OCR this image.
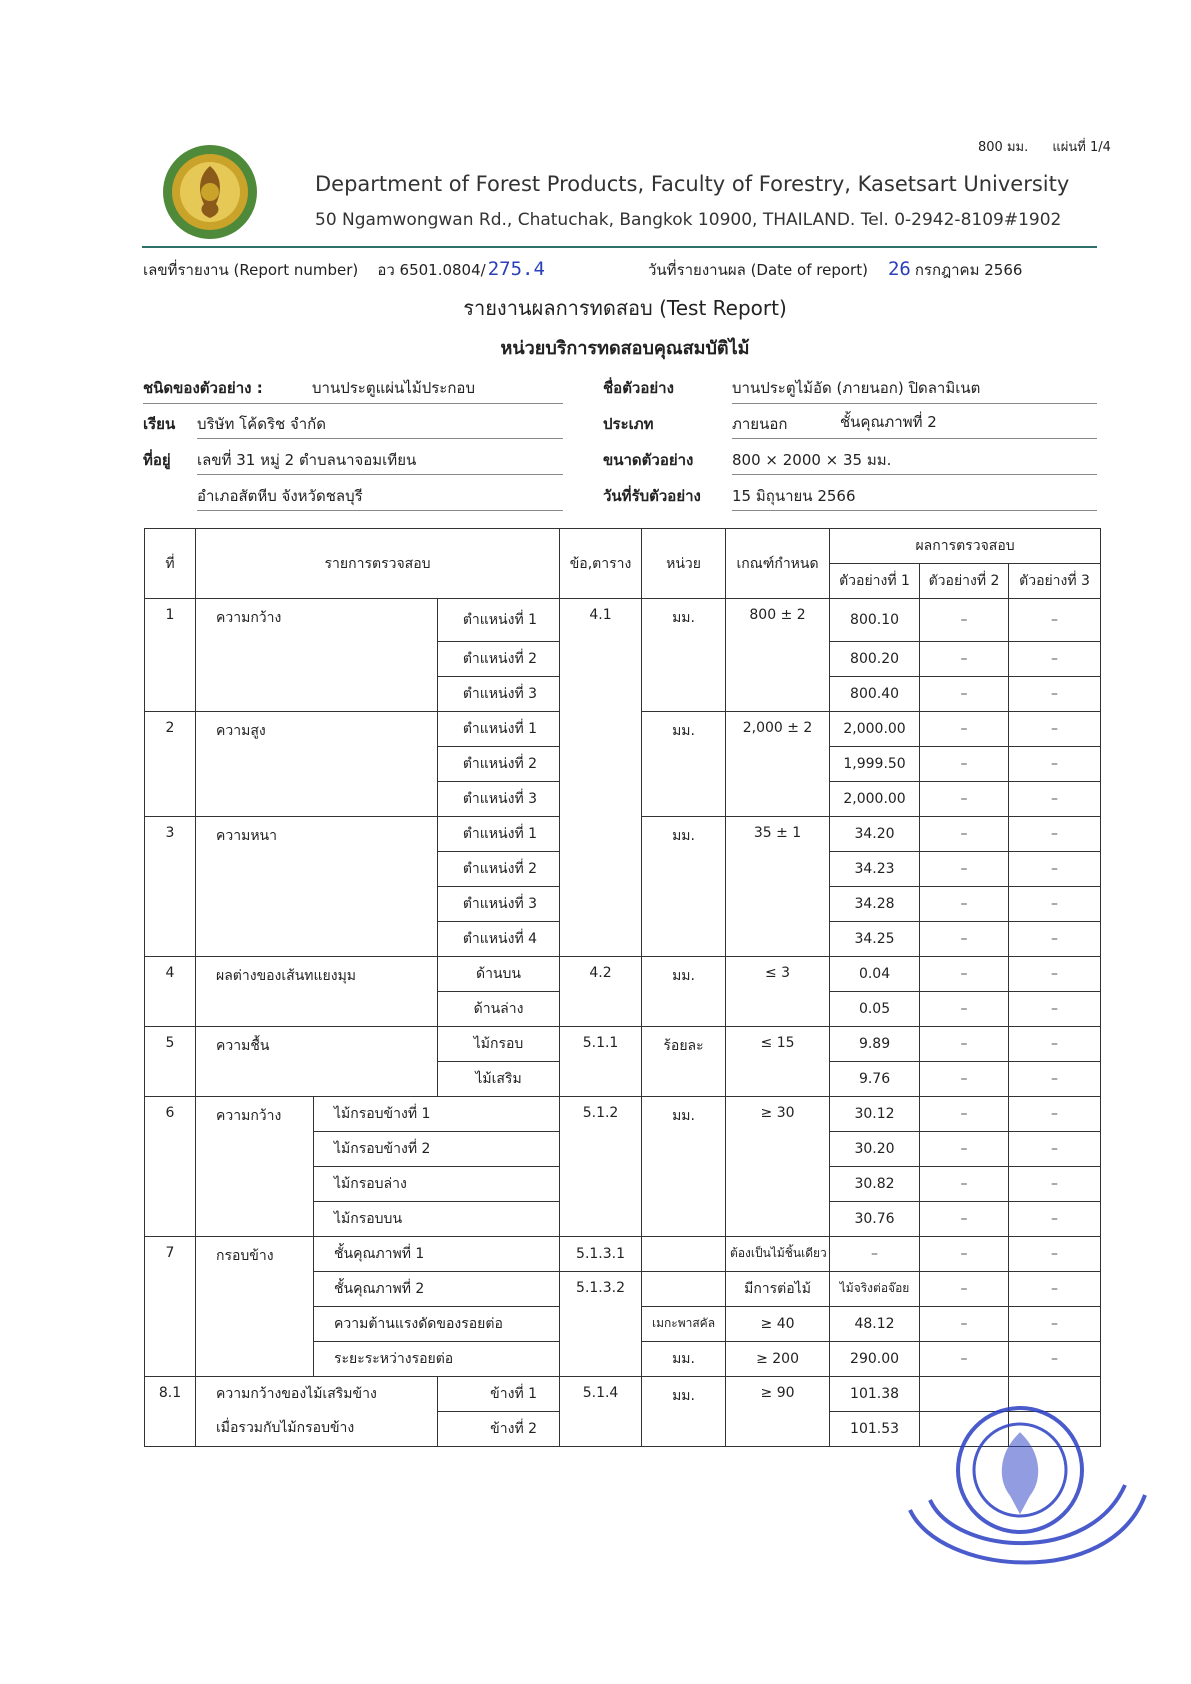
800 มม. แผ่นที่ 1/4
Department of Forest Products, Faculty of Forestry, Kasetsart University
50 Ngamwongwan Rd., Chatuchak, Bangkok 10900, THAILAND. Tel. 0-2942-8109#1902
เลขที่รายงาน (Report number) อว 6501.0804/ 275.4	วันที่รายงานผล (Date of report) 26 กรกฎาคม 2566
รายงานผลการทดสอบ (Test Report)
หน่วยบริการทดสอบคุณสมบัติไม้
ชนิดของตัวอย่าง :	บานประตูแผ่นไม้ประกอบ
เรียน บริษัท โค้ดริช จำกัด
ที่อยู่ เลขที่ 31 หมู่ 2 ตำบลนาจอมเทียน
อำเภอสัตหีบ จังหวัดชลบุรี
ชื่อตัวอย่าง	บานประตูไม้อัด (ภายนอก) ปิดลามิเนต
ประเภท	ภายนอก	ชั้นคุณภาพที่ 2
ขนาดตัวอย่าง	800 × 2000 × 35 มม.
วันที่รับตัวอย่าง 15 มิถุนายน 2566
ที่	รายการตรวจสอบ			ข้อ,ตาราง	หน่วย	เกณฑ์กำหนด	ผลการตรวจสอบ		
							ตัวอย่างที่ 1	ตัวอย่างที่ 2	ตัวอย่างที่ 3
1	ความกว้าง		ตำแหน่งที่ 1	4.1	มม.	800 ± 2	800.10	–	–
			ตำแหน่งที่ 2				800.20	–	–
			ตำแหน่งที่ 3				800.40	–	–
2	ความสูง		ตำแหน่งที่ 1		มม.	2,000 ± 2	2,000.00	–	–
			ตำแหน่งที่ 2				1,999.50	–	–
			ตำแหน่งที่ 3				2,000.00	–	–
3	ความหนา		ตำแหน่งที่ 1		มม.	35 ± 1	34.20	–	–
			ตำแหน่งที่ 2				34.23	–	–
			ตำแหน่งที่ 3				34.28	–	–
			ตำแหน่งที่ 4				34.25	–	–
4	ผลต่างของเส้นทแยงมุม		ด้านบน	4.2	มม.	≤ 3	0.04	–	–
			ด้านล่าง				0.05	–	–
5	ความชื้น		ไม้กรอบ	5.1.1	ร้อยละ	≤ 15	9.89	–	–
			ไม้เสริม				9.76	–	–
6	ความกว้าง	ไม้กรอบข้างที่ 1		5.1.2	มม.	≥ 30	30.12	–	–
		ไม้กรอบข้างที่ 2					30.20	–	–
		ไม้กรอบล่าง					30.82	–	–
		ไม้กรอบบน					30.76	–	–
7	กรอบข้าง	ชั้นคุณภาพที่ 1		5.1.3.1		ต้องเป็นไม้ชิ้นเดียว	–	–	–
		ชั้นคุณภาพที่ 2		5.1.3.2		มีการต่อไม้	ไม้จริงต่อจ๊อย	–	–
		ความต้านแรงดัดของรอยต่อ			เมกะพาสคัล	≥ 40	48.12	–	–
		ระยะระหว่างรอยต่อ			มม.	≥ 200	290.00	–	–
8.1	ความกว้างของไม้เสริมข้าง		ข้างที่ 1	5.1.4	มม.	≥ 90	101.38		
	เมื่อรวมกับไม้กรอบข้าง		ข้างที่ 2				101.53		
